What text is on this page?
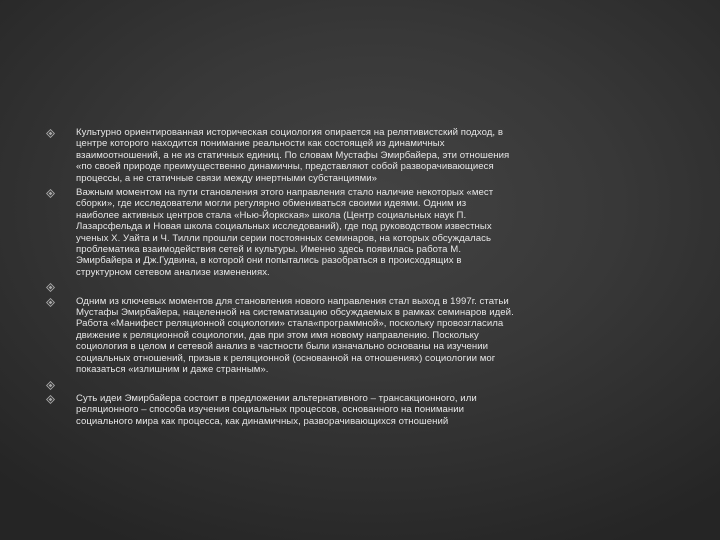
Культурно ориентированная историческая социология опирается на релятивистский подход, в
центре которого находится понимание реальности как состоящей из динамичных
взаимоотношений, а не из статичных единиц. По словам Мустафы Эмирбайера, эти отношения
«по своей природе преимущественно динамичны, представляют собой разворачивающиеся
процессы, а не статичные связи между инертными субстанциями»
Важным моментом на пути становления этого направления стало наличие некоторых «мест
сборки», где исследователи могли регулярно обмениваться своими идеями. Одним из
наиболее активных центров стала «Нью-Йоркская» школа (Центр социальных наук П.
Лазарсфельда и Новая школа социальных исследований), где под руководством известных
ученых Х. Уайта и Ч. Тилли прошли серии постоянных семинаров, на которых обсуждалась
проблематика взаимодействия сетей и культуры. Именно здесь появилась работа М.
Эмирбайера и Дж.Гудвина, в которой они попытались разобраться в происходящих в
структурном сетевом анализе изменениях.
Одним из ключевых моментов для становления нового направления стал выход в 1997г. статьи
Мустафы Эмирбайера, нацеленной на систематизацию обсуждаемых в рамках семинаров идей.
Работа «Манифест реляционной социологии» стала«программной», поскольку провозгласила
движение к реляционной социологии, дав при этом имя новому направлению. Поскольку
социология в целом и сетевой анализ в частности были изначально основаны на изучении
социальных отношений, призыв к реляционной (основанной на отношениях) социологии мог
показаться «излишним и даже странным».
Суть идеи Эмирбайера состоит в предложении альтернативного – трансакционного, или
реляционного – способа изучения социальных процессов, основанного на понимании
социального мира как процесса, как динамичных, разворачивающихся отношений
